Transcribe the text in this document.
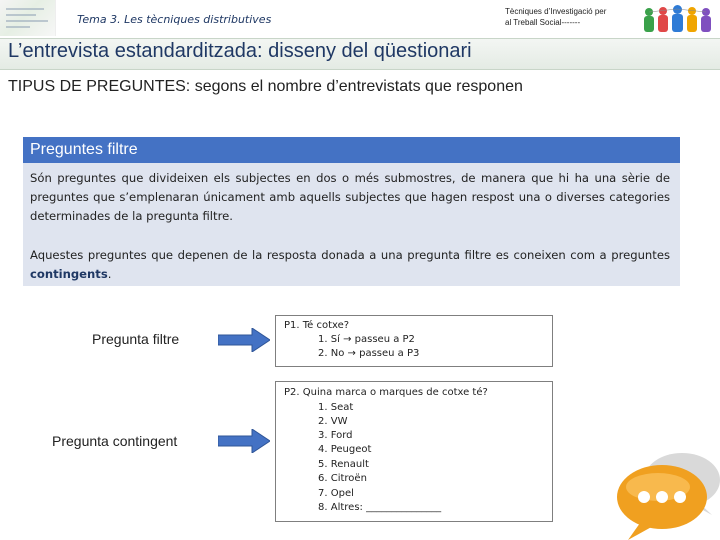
Tema 3. Les tècniques distributives
Tècniques d’Investigació per
al Treball Social-------
L’entrevista estandarditzada: disseny del qüestionari
TIPUS DE PREGUNTES: segons el nombre d’entrevistats que responen
Preguntes filtre
Són preguntes que divideixen els subjectes en dos o més submostres, de manera que hi ha una sèrie de preguntes que s’emplenaran únicament amb aquells subjectes que hagen respost una o diverses categories determinades de la pregunta filtre.
Aquestes preguntes que depenen de la resposta donada a una pregunta filtre es coneixen com a preguntes contingents.
Pregunta filtre
Pregunta contingent
P1. Té cotxe?
1. Sí → passeu a P2
2. No → passeu a P3
P2. Quina marca o marques de cotxe té?
1. Seat
2. VW
3. Ford
4. Peugeot
5. Renault
6. Citroën
7. Opel
8. Altres: _______________
